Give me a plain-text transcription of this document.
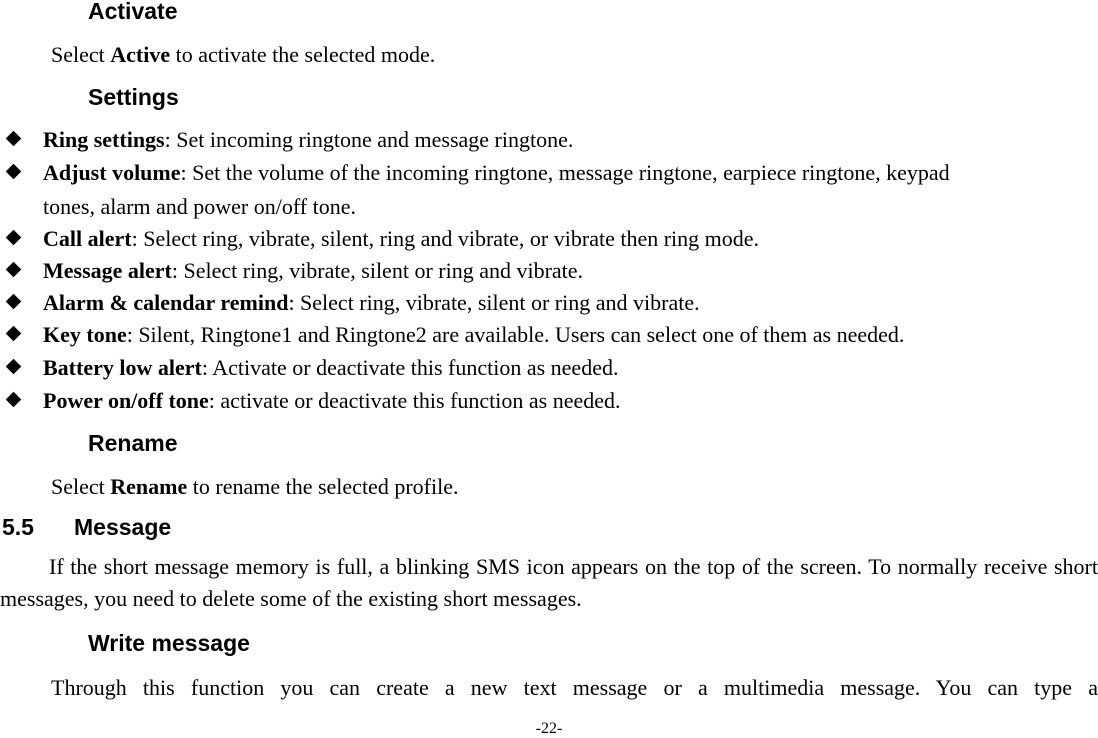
Activate

Select Active to activate the selected mode.

Settings

Ring settings: Set incoming ringtone and message ringtone.

Adjust volume: Set the volume of the incoming ringtone, message ringtone, earpiece ringtone, keypad

tones, alarm and power on/off tone.

Call alert: Select ring, vibrate, silent, ring and vibrate, or vibrate then ring mode.

Message alert: Select ring, vibrate, silent or ring and vibrate.

Alarm & calendar remind: Select ring, vibrate, silent or ring and vibrate.

Key tone: Silent, Ringtone1 and Ringtone2 are available. Users can select one of them as needed.

Battery low alert: Activate or deactivate this function as needed.

Power on/off tone: activate or deactivate this function as needed.

Rename

Select Rename to rename the selected profile.

5.5 Message

If the short message memory is full, a blinking SMS icon appears on the top of the screen. To normally receive short messages, you need to delete some of the existing short messages.

Write message

Through this function you can create a new text message or a multimedia message. You can type a

-22-
